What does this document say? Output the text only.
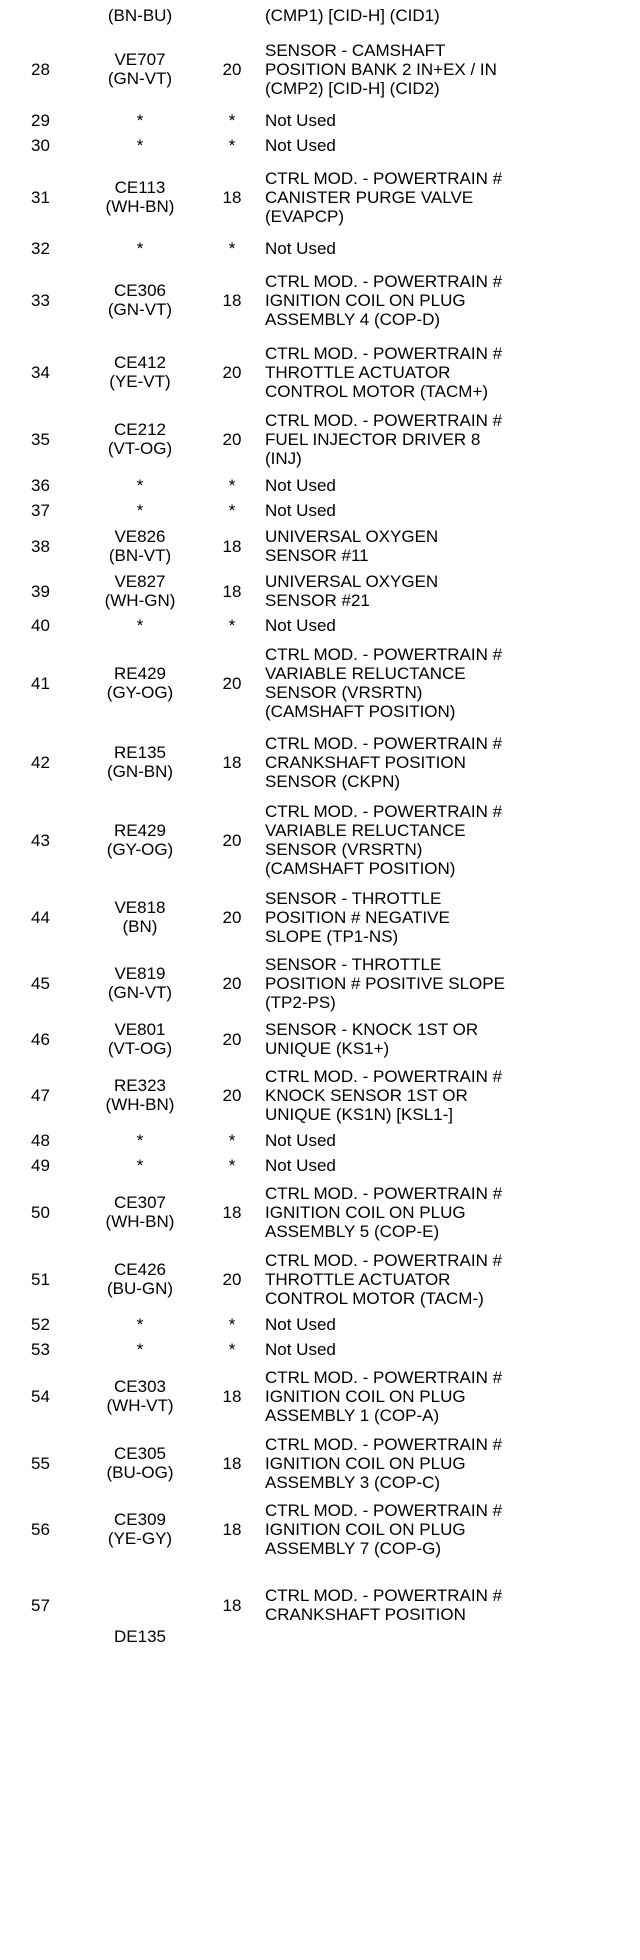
	(BN-BU)		(CMP1) [CID-H] (CID1)

28	VE707
(GN-VT)	20	SENSOR - CAMSHAFT
POSITION BANK 2 IN+EX / IN
(CMP2) [CID-H] (CID2)

29	*	*	Not Used

30	*	*	Not Used

31	CE113
(WH-BN)	18	CTRL MOD. - POWERTRAIN #
CANISTER PURGE VALVE
(EVAPCP)

32	*	*	Not Used

33	CE306
(GN-VT)	18	CTRL MOD. - POWERTRAIN #
IGNITION COIL ON PLUG
ASSEMBLY 4 (COP-D)

34	CE412
(YE-VT)	20	CTRL MOD. - POWERTRAIN #
THROTTLE ACTUATOR
CONTROL MOTOR (TACM+)

35	CE212
(VT-OG)	20	CTRL MOD. - POWERTRAIN #
FUEL INJECTOR DRIVER 8
(INJ)

36	*	*	Not Used

37	*	*	Not Used

38	VE826
(BN-VT)	18	UNIVERSAL OXYGEN
SENSOR #11

39	VE827
(WH-GN)	18	UNIVERSAL OXYGEN
SENSOR #21

40	*	*	Not Used

41	RE429
(GY-OG)	20	CTRL MOD. - POWERTRAIN #
VARIABLE RELUCTANCE
SENSOR (VRSRTN)
(CAMSHAFT POSITION)

42	RE135
(GN-BN)	18	CTRL MOD. - POWERTRAIN #
CRANKSHAFT POSITION
SENSOR (CKPN)

43	RE429
(GY-OG)	20	CTRL MOD. - POWERTRAIN #
VARIABLE RELUCTANCE
SENSOR (VRSRTN)
(CAMSHAFT POSITION)

44	VE818
(BN)	20	SENSOR - THROTTLE
POSITION # NEGATIVE
SLOPE (TP1-NS)

45	VE819
(GN-VT)	20	SENSOR - THROTTLE
POSITION # POSITIVE SLOPE
(TP2-PS)

46	VE801
(VT-OG)	20	SENSOR - KNOCK 1ST OR
UNIQUE (KS1+)

47	RE323
(WH-BN)	20	CTRL MOD. - POWERTRAIN #
KNOCK SENSOR 1ST OR
UNIQUE (KS1N) [KSL1-]

48	*	*	Not Used

49	*	*	Not Used

50	CE307
(WH-BN)	18	CTRL MOD. - POWERTRAIN #
IGNITION COIL ON PLUG
ASSEMBLY 5 (COP-E)

51	CE426
(BU-GN)	20	CTRL MOD. - POWERTRAIN #
THROTTLE ACTUATOR
CONTROL MOTOR (TACM-)

52	*	*	Not Used

53	*	*	Not Used

54	CE303
(WH-VT)	18	CTRL MOD. - POWERTRAIN #
IGNITION COIL ON PLUG
ASSEMBLY 1 (COP-A)

55	CE305
(BU-OG)	18	CTRL MOD. - POWERTRAIN #
IGNITION COIL ON PLUG
ASSEMBLY 3 (COP-C)

56	CE309
(YE-GY)	18	CTRL MOD. - POWERTRAIN #
IGNITION COIL ON PLUG
ASSEMBLY 7 (COP-G)

57	DE135	18	CTRL MOD. - POWERTRAIN #
CRANKSHAFT POSITION
